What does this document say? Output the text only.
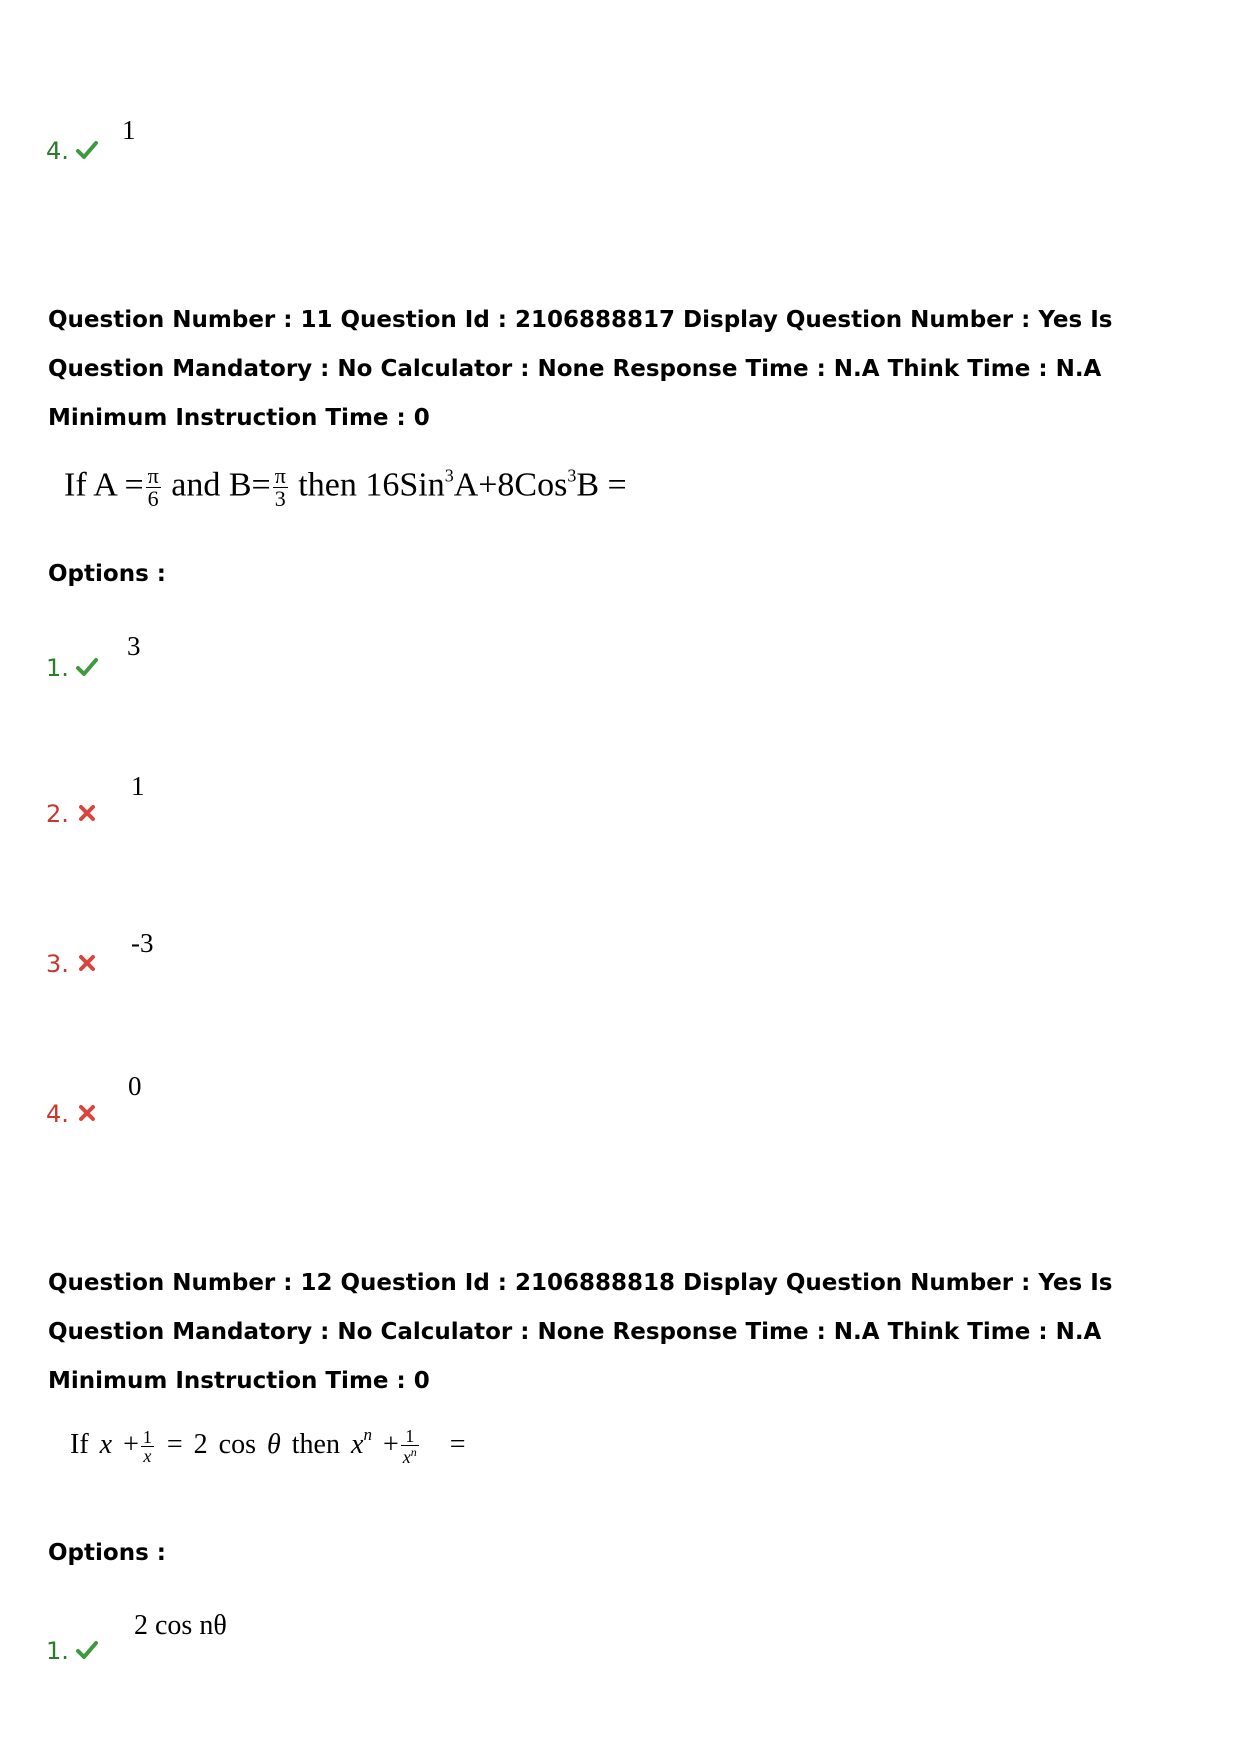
4.
1
Question Number : 11 Question Id : 2106888817 Display Question Number : Yes Is Question Mandatory : No Calculator : None Response Time : N.A Think Time : N.A Minimum Instruction Time : 0
If $A = \frac{\pi}{6}$ and $B= \frac{\pi}{3}$ then 16Sin$^3$A+8Cos$^3$B =
Options :
1.
3
2.
1
3.
-3
4.
0
Question Number : 12 Question Id : 2106888818 Display Question Number : Yes Is Question Mandatory : No Calculator : None Response Time : N.A Think Time : N.A Minimum Instruction Time : 0
If $x + \frac{1}{x} = 2$ cos θ then $x^n + \frac{1}{x^n}$ =
Options :
1.
2 cos nθ
